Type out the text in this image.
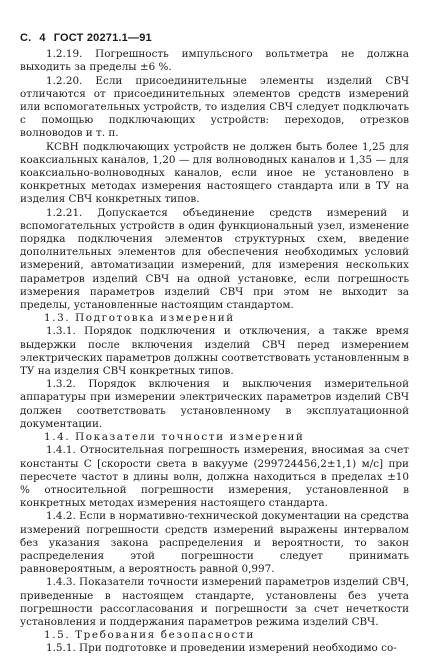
С. 4 ГОСТ 20271.1—91

1.2.19. Погрешность импульсного вольтметра не должна выходить за пределы ±6 %.

1.2.20. Если присоединительные элементы изделий СВЧ отличаются от присоединительных элементов средств измерений или вспомогательных устройств, то изделия СВЧ следует подключать с помощью подключающих устройств: переходов, отрезков волноводов и т. п.

КСВН подключающих устройств не должен быть более 1,25 для коаксиальных каналов, 1,20 — для волноводных каналов и 1,35 — для коаксиально-волноводных каналов, если иное не установлено в конкретных методах измерения настоящего стандарта или в ТУ на изделия СВЧ конкретных типов.

1.2.21. Допускается объединение средств измерений и вспомогательных устройств в один функциональный узел, изменение порядка подключения элементов структурных схем, введение дополнительных элементов для обеспечения необходимых условий измерений, автоматизации измерений, для измерения нескольких параметров изделий СВЧ на одной установке, если погрешность измерения параметров изделий СВЧ при этом не выходит за пределы, установленные настоящим стандартом.

1.3. Подготовка измерений

1.3.1. Порядок подключения и отключения, а также время выдержки после включения изделий СВЧ перед измерением электрических параметров должны соответствовать установленным в ТУ на изделия СВЧ конкретных типов.

1.3.2. Порядок включения и выключения измерительной аппаратуры при измерении электрических параметров изделий СВЧ должен соответствовать установленному в эксплуатационной документации.

1.4. Показатели точности измерений

1.4.1. Относительная погрешность измерения, вносимая за счет константы С [скорости света в вакууме (299724456,2±1,1) м/с] при пересчете частот в длины волн, должна находиться в пределах ±10 % относительной погрешности измерения, установленной в конкретных методах измерения настоящего стандарта.

1.4.2. Если в нормативно-технической документации на средства измерений погрешности средств измерений выражены интервалом без указания закона распределения и вероятности, то закон распределения этой погрешности следует принимать равновероятным, а вероятность равной 0,997.

1.4.3. Показатели точности измерений параметров изделий СВЧ, приведенные в настоящем стандарте, установлены без учета погрешности рассогласования и погрешности за счет нечеткости установления и поддержания параметров режима изделий СВЧ.

1.5. Требования безопасности

1.5.1. При подготовке и проведении измерений необходимо со-
